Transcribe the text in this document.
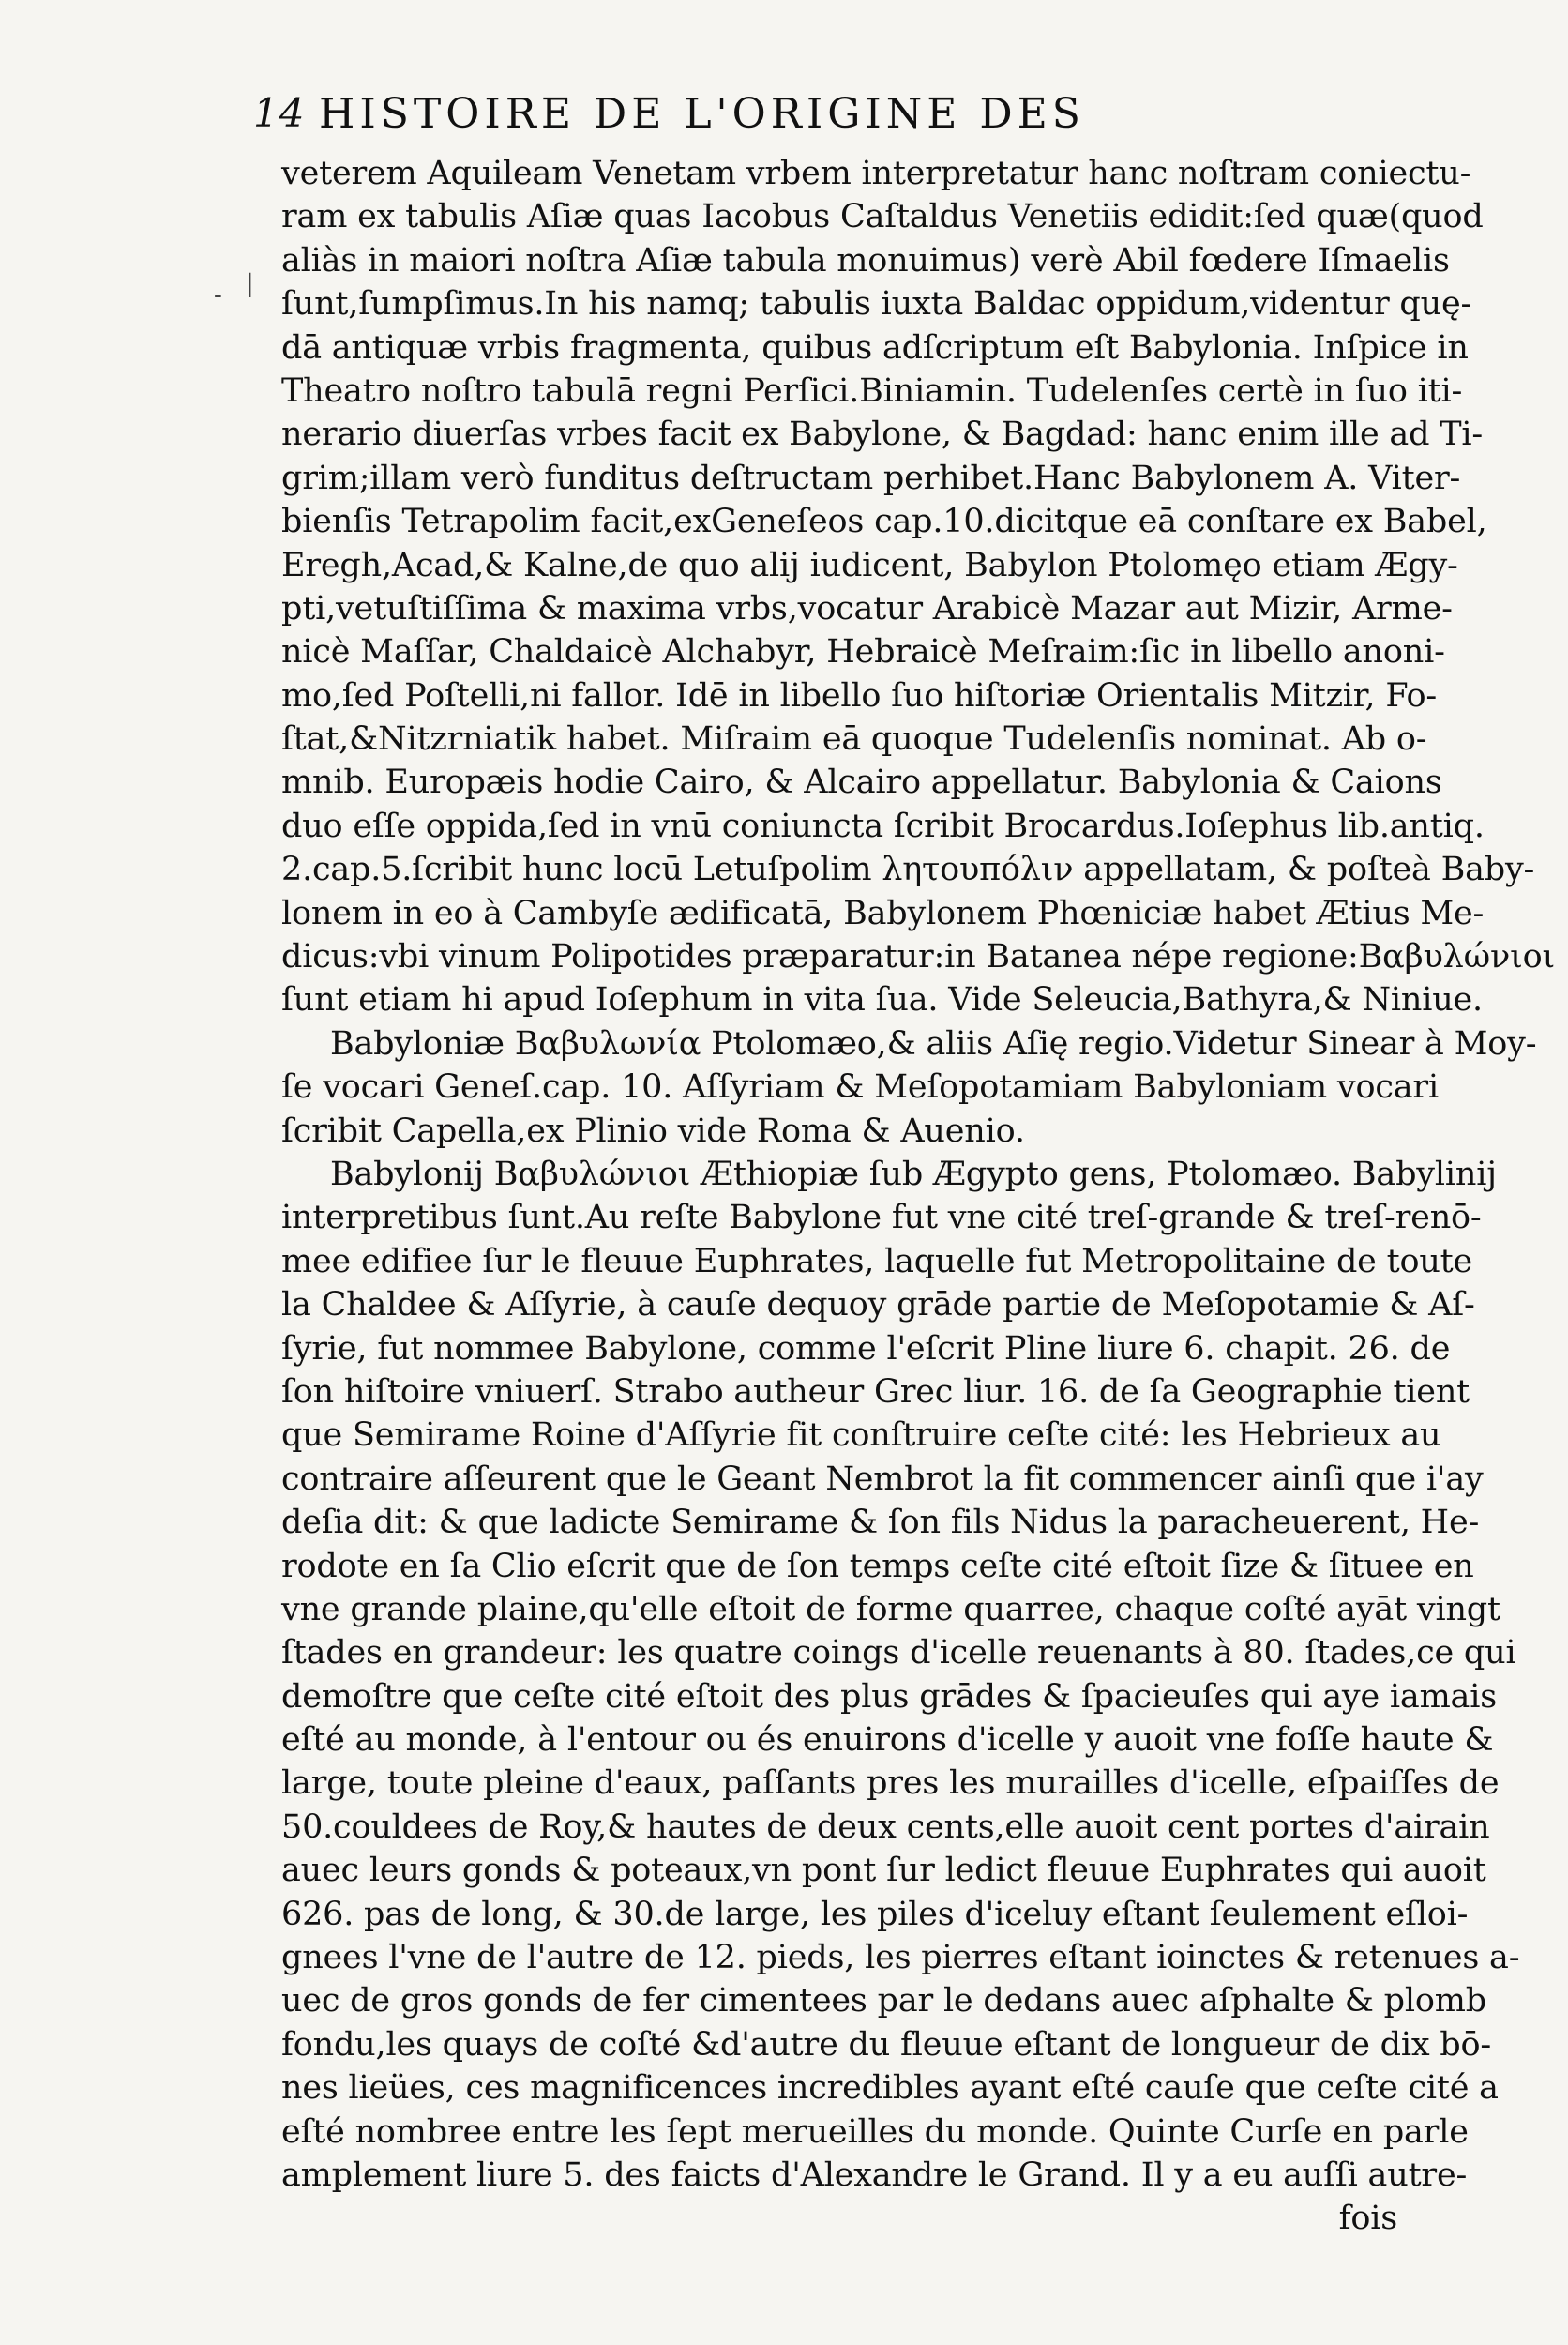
14 HISTOIRE DE L'ORIGINE DES
|
-
veterem Aquileam Venetam vrbem interpretatur hanc noſtram coniectu-
ram ex tabulis Aſiæ quas Iacobus Caſtaldus Venetiis edidit:ſed quæ(quod
aliàs in maiori noſtra Aſiæ tabula monuimus) verè Abil fœdere Iſmaelis
ſunt,ſumpſimus.In his namq; tabulis iuxta Baldac oppidum,videntur quę-
dā antiquæ vrbis fragmenta, quibus adſcriptum eſt Babylonia. Inſpice in
Theatro noſtro tabulā regni Perſici.Biniamin. Tudelenſes certè in ſuo iti-
nerario diuerſas vrbes facit ex Babylone, & Bagdad: hanc enim ille ad Ti-
grim;illam verò funditus deſtructam perhibet.Hanc Babylonem A. Viter-
bienſis Tetrapolim facit,exGeneſeos cap.10.dicitque eā conſtare ex Babel,
Eregh,Acad,& Kalne,de quo alij iudicent, Babylon Ptolomęo etiam Ægy-
pti,vetuſtiſſima & maxima vrbs,vocatur Arabicè Mazar aut Mizir, Arme-
nicè Maſſar, Chaldaicè Alchabyr, Hebraicè Meſraim:ſic in libello anoni-
mo,ſed Poſtelli,ni fallor. Idē in libello ſuo hiſtoriæ Orientalis Mitzir, Fo-
ſtat,&Nitzrniatik habet. Miſraim eā quoque Tudelenſis nominat. Ab o-
mnib. Europæis hodie Cairo, & Alcairo appellatur. Babylonia & Caions
duo eſſe oppida,ſed in vnū coniuncta ſcribit Brocardus.Ioſephus lib.antiq.
2.cap.5.ſcribit hunc locū Letuſpolim λητουπόλιν appellatam, & poſteà Baby-
lonem in eo à Cambyſe ædificatā, Babylonem Phœniciæ habet Ætius Me-
dicus:vbi vinum Polipotides præparatur:in Batanea népe regione:Βαβυλώνιοι
ſunt etiam hi apud Ioſephum in vita ſua. Vide Seleucia,Bathyra,& Niniue.
Babyloniæ Βαβυλωνία Ptolomæo,& aliis Aſię regio.Videtur Sinear à Moy-
ſe vocari Geneſ.cap. 10. Aſſyriam & Meſopotamiam Babyloniam vocari
ſcribit Capella,ex Plinio vide Roma & Auenio.
Babylonij Βαβυλώνιοι Æthiopiæ ſub Ægypto gens, Ptolomæo. Babylinij
interpretibus ſunt.Au reſte Babylone fut vne cité treſ-grande & treſ-renō-
mee edifiee ſur le fleuue Euphrates, laquelle fut Metropolitaine de toute
la Chaldee & Aſſyrie, à cauſe dequoy grāde partie de Meſopotamie & Aſ-
ſyrie, fut nommee Babylone, comme l'eſcrit Pline liure 6. chapit. 26. de
ſon hiſtoire vniuerſ. Strabo autheur Grec liur. 16. de ſa Geographie tient
que Semirame Roine d'Aſſyrie fit conſtruire ceſte cité: les Hebrieux au
contraire aſſeurent que le Geant Nembrot la fit commencer ainſi que i'ay
deſia dit: & que ladicte Semirame & ſon fils Nidus la paracheuerent, He-
rodote en ſa Clio eſcrit que de ſon temps ceſte cité eſtoit ſize & ſituee en
vne grande plaine,qu'elle eſtoit de forme quarree, chaque coſté ayāt vingt
ſtades en grandeur: les quatre coings d'icelle reuenants à 80. ſtades,ce qui
demoſtre que ceſte cité eſtoit des plus grādes & ſpacieuſes qui aye iamais
eſté au monde, à l'entour ou és enuirons d'icelle y auoit vne foſſe haute &
large, toute pleine d'eaux, paſſants pres les murailles d'icelle, eſpaiſſes de
50.couldees de Roy,& hautes de deux cents,elle auoit cent portes d'airain
auec leurs gonds & poteaux,vn pont ſur ledict fleuue Euphrates qui auoit
626. pas de long, & 30.de large, les piles d'iceluy eſtant ſeulement eſloi-
gnees l'vne de l'autre de 12. pieds, les pierres eſtant ioinctes & retenues a-
uec de gros gonds de fer cimentees par le dedans auec aſphalte & plomb
fondu,les quays de coſté &d'autre du fleuue eſtant de longueur de dix bō-
nes lieües, ces magnificences incredibles ayant eſté cauſe que ceſte cité a
eſté nombree entre les ſept merueilles du monde. Quinte Curſe en parle
amplement liure 5. des faicts d'Alexandre le Grand. Il y a eu auſſi autre-
fois
